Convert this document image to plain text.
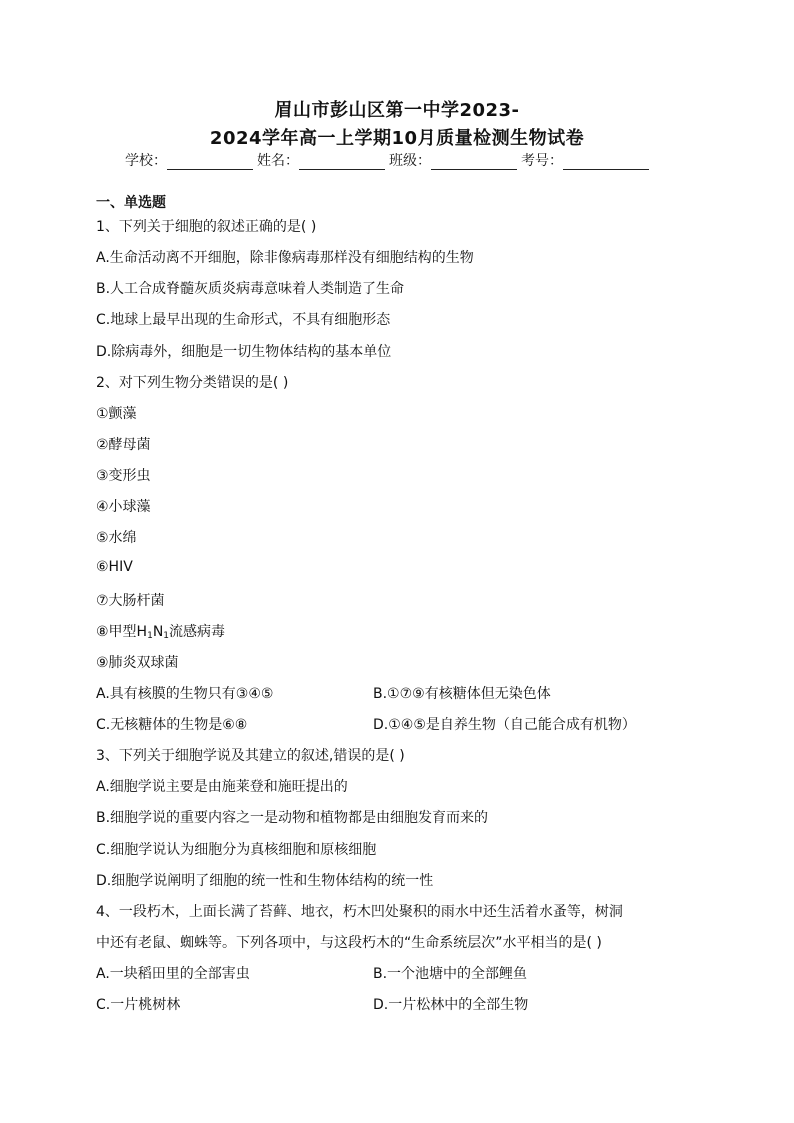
眉山市彭山区第一中学2023-
2024学年高一上学期10月质量检测生物试卷
学校：	姓名：	班级：	考号：
一、单选题
1、下列关于细胞的叙述正确的是( )
A.生命活动离不开细胞，除非像病毒那样没有细胞结构的生物
B.人工合成脊髓灰质炎病毒意味着人类制造了生命
C.地球上最早出现的生命形式，不具有细胞形态
D.除病毒外，细胞是一切生物体结构的基本单位
2、对下列生物分类错误的是( )
①颤藻
②酵母菌
③变形虫
④小球藻
⑤水绵
⑥HIV
⑦大肠杆菌
⑧甲型$H_1N_1$流感病毒
⑨肺炎双球菌
A.具有核膜的生物只有③④⑤	B.①⑦⑨有核糖体但无染色体
C.无核糖体的生物是⑥⑧	D.①④⑤是自养生物（自己能合成有机物）
3、下列关于细胞学说及其建立的叙述,错误的是( )
A.细胞学说主要是由施莱登和施旺提出的
B.细胞学说的重要内容之一是动物和植物都是由细胞发育而来的
C.细胞学说认为细胞分为真核细胞和原核细胞
D.细胞学说阐明了细胞的统一性和生物体结构的统一性
4、一段朽木，上面长满了苔藓、地衣，朽木凹处聚积的雨水中还生活着水蚤等，树洞
中还有老鼠、蜘蛛等。下列各项中，与这段朽木的“生命系统层次”水平相当的是( )
A.一块稻田里的全部害虫	B.一个池塘中的全部鲤鱼
C.一片桃树林	D.一片松林中的全部生物
